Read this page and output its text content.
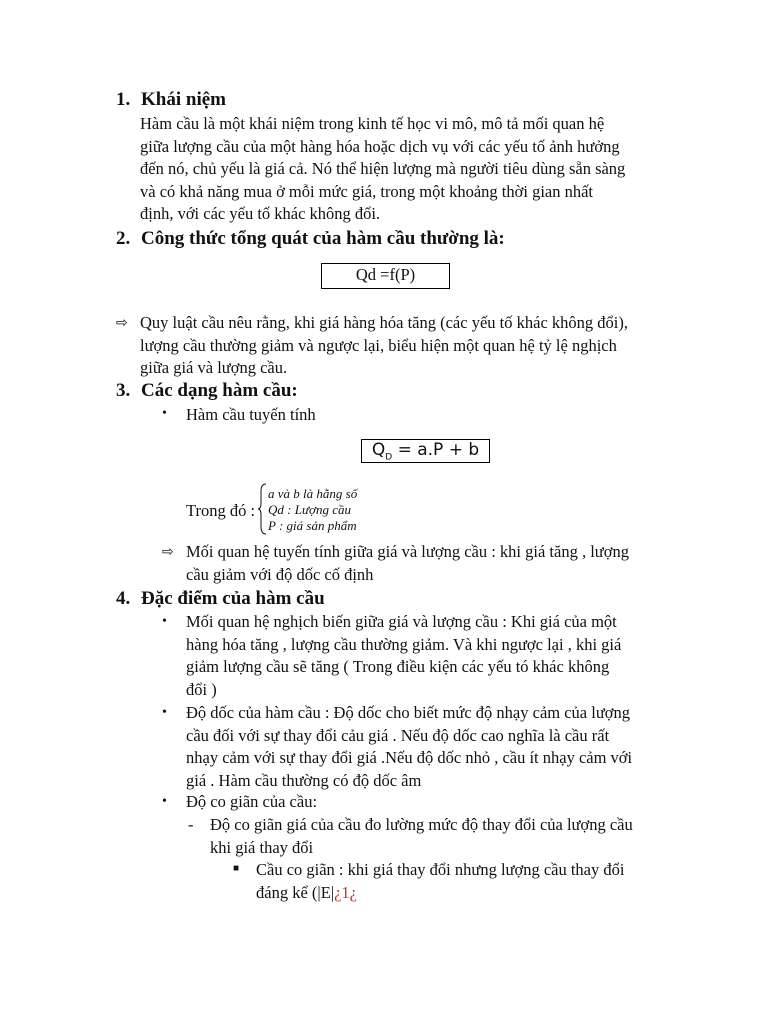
1. Khái niệm
Hàm cầu là một khái niệm trong kinh tế học vi mô, mô tả mối quan hệ
giữa lượng cầu của một hàng hóa hoặc dịch vụ với các yếu tố ảnh hưởng
đến nó, chủ yếu là giá cả. Nó thể hiện lượng mà người tiêu dùng sẵn sàng
và có khả năng mua ở mỗi mức giá, trong một khoảng thời gian nhất
định, với các yếu tố khác không đổi.
2. Công thức tổng quát của hàm cầu thường là:
Qd =f(P)
⇨ Quy luật cầu nêu rằng, khi giá hàng hóa tăng (các yếu tố khác không đổi),
lượng cầu thường giảm và ngược lại, biểu hiện một quan hệ tỷ lệ nghịch
giữa giá và lượng cầu.
3. Các dạng hàm cầu:
• Hàm cầu tuyến tính
$Q_D = a.P + b$
Trong đó :
a và b là hằng số
Qd : Lượng cầu
P : giá sản phẩm
⇨ Mối quan hệ tuyến tính giữa giá và lượng cầu : khi giá tăng , lượng
cầu giảm với độ dốc cố định
4. Đặc điểm của hàm cầu
• Mối quan hệ nghịch biến giữa giá và lượng cầu : Khi giá của một
hàng hóa tăng , lượng cầu thường giảm. Và khi ngược lại , khi giá
giảm lượng cầu sẽ tăng ( Trong điều kiện các yếu tó khác không
đổi )
• Độ dốc của hàm cầu : Độ dốc cho biết mức độ nhạy cảm của lượng
cầu đối với sự thay đổi cảu giá . Nếu độ dốc cao nghĩa là cầu rất
nhạy cảm với sự thay đổi giá .Nếu độ dốc nhỏ , cầu ít nhạy cảm với
giá . Hàm cầu thường có độ dốc âm
• Độ co giãn của cầu:
- Độ co giãn giá của cầu đo lường mức độ thay đổi của lượng cầu
khi giá thay đổi
■ Cầu co giãn : khi giá thay đổi nhưng lượng cầu thay đổi
đáng kể (|E|¿1¿
